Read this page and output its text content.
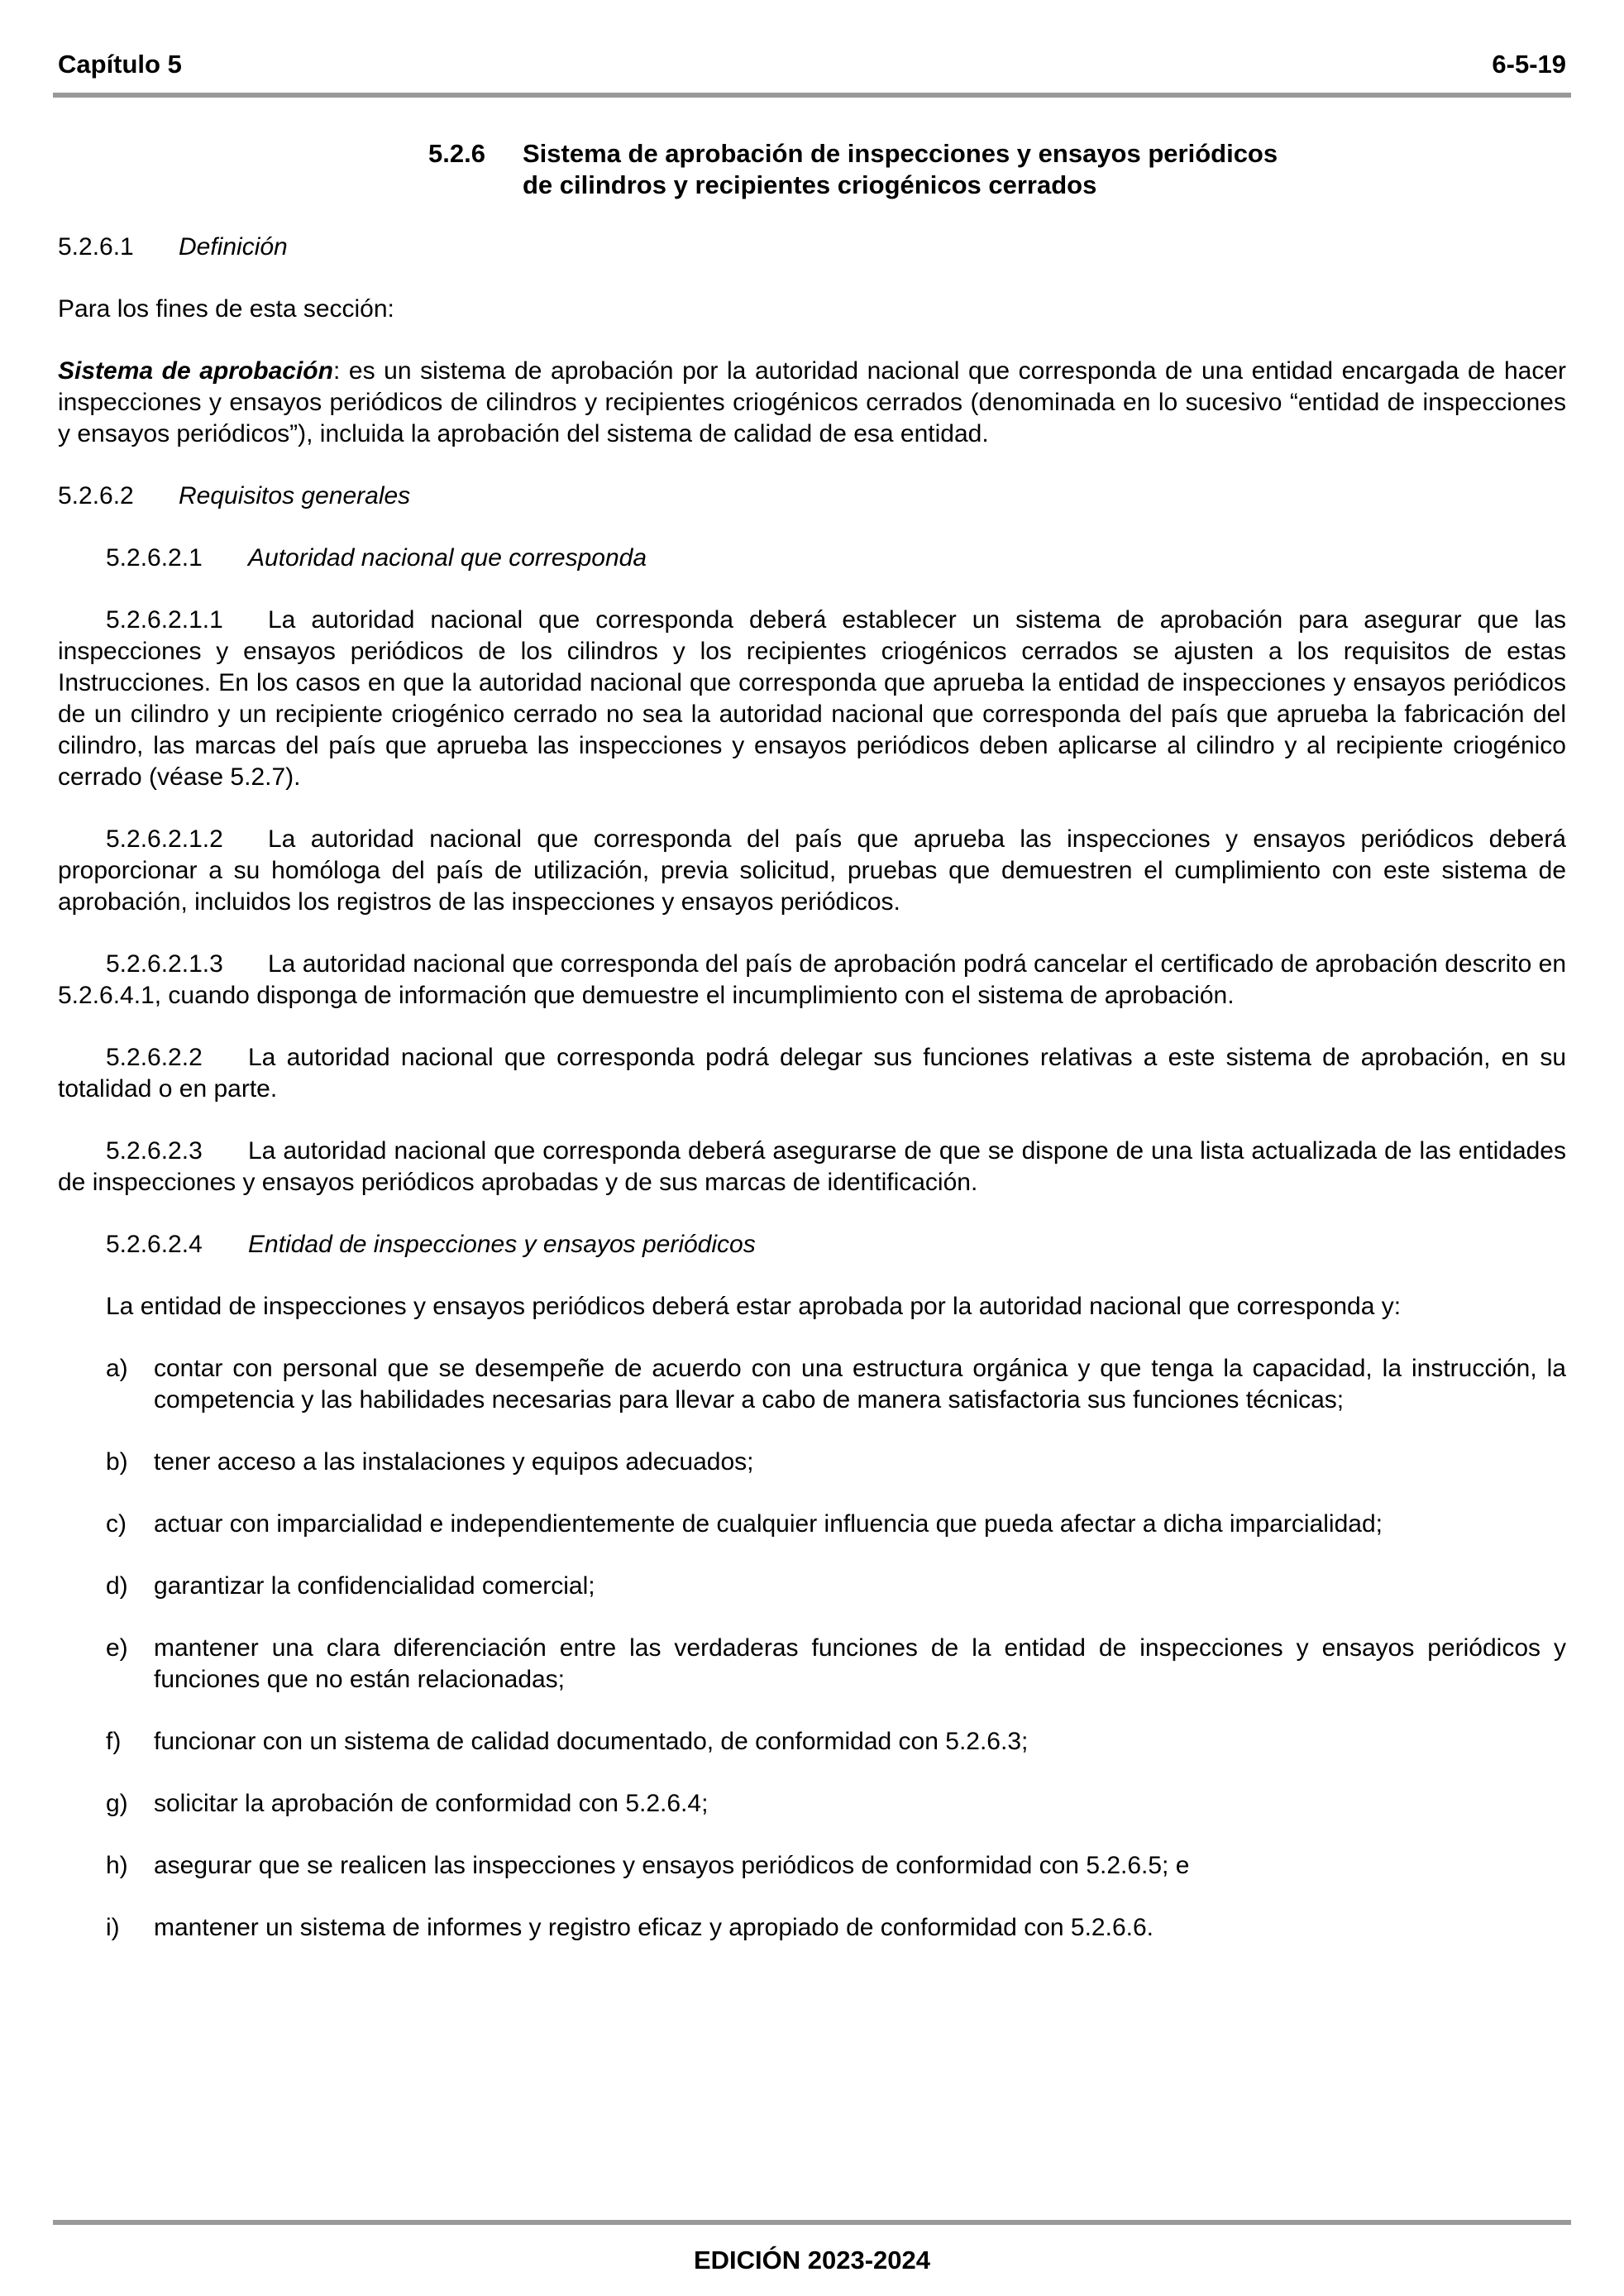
Capítulo 5	6-5-19

5.2.6 Sistema de aprobación de inspecciones y ensayos periódicos
de cilindros y recipientes criogénicos cerrados

5.2.6.1 Definición

Para los fines de esta sección:

Sistema de aprobación: es un sistema de aprobación por la autoridad nacional que corresponda de una entidad encargada de hacer inspecciones y ensayos periódicos de cilindros y recipientes criogénicos cerrados (denominada en lo sucesivo “entidad de inspecciones y ensayos periódicos”), incluida la aprobación del sistema de calidad de esa entidad.

5.2.6.2 Requisitos generales

5.2.6.2.1 Autoridad nacional que corresponda

5.2.6.2.1.1 La autoridad nacional que corresponda deberá establecer un sistema de aprobación para asegurar que las inspecciones y ensayos periódicos de los cilindros y los recipientes criogénicos cerrados se ajusten a los requisitos de estas Instrucciones. En los casos en que la autoridad nacional que corresponda que aprueba la entidad de inspecciones y ensayos periódicos de un cilindro y un recipiente criogénico cerrado no sea la autoridad nacional que corresponda del país que aprueba la fabricación del cilindro, las marcas del país que aprueba las inspecciones y ensayos periódicos deben aplicarse al cilindro y al recipiente criogénico cerrado (véase 5.2.7).

5.2.6.2.1.2 La autoridad nacional que corresponda del país que aprueba las inspecciones y ensayos periódicos deberá proporcionar a su homóloga del país de utilización, previa solicitud, pruebas que demuestren el cumplimiento con este sistema de aprobación, incluidos los registros de las inspecciones y ensayos periódicos.

5.2.6.2.1.3 La autoridad nacional que corresponda del país de aprobación podrá cancelar el certificado de aprobación descrito en 5.2.6.4.1, cuando disponga de información que demuestre el incumplimiento con el sistema de aprobación.

5.2.6.2.2 La autoridad nacional que corresponda podrá delegar sus funciones relativas a este sistema de aprobación, en su totalidad o en parte.

5.2.6.2.3 La autoridad nacional que corresponda deberá asegurarse de que se dispone de una lista actualizada de las entidades de inspecciones y ensayos periódicos aprobadas y de sus marcas de identificación.

5.2.6.2.4 Entidad de inspecciones y ensayos periódicos

La entidad de inspecciones y ensayos periódicos deberá estar aprobada por la autoridad nacional que corresponda y:

a)	contar con personal que se desempeñe de acuerdo con una estructura orgánica y que tenga la capacidad, la instrucción, la competencia y las habilidades necesarias para llevar a cabo de manera satisfactoria sus funciones técnicas;
b)	tener acceso a las instalaciones y equipos adecuados;
c)	actuar con imparcialidad e independientemente de cualquier influencia que pueda afectar a dicha imparcialidad;
d)	garantizar la confidencialidad comercial;
e)	mantener una clara diferenciación entre las verdaderas funciones de la entidad de inspecciones y ensayos periódicos y funciones que no están relacionadas;
f)	funcionar con un sistema de calidad documentado, de conformidad con 5.2.6.3;
g)	solicitar la aprobación de conformidad con 5.2.6.4;
h)	asegurar que se realicen las inspecciones y ensayos periódicos de conformidad con 5.2.6.5; e
i)	mantener un sistema de informes y registro eficaz y apropiado de conformidad con 5.2.6.6.
EDICIÓN 2023-2024
